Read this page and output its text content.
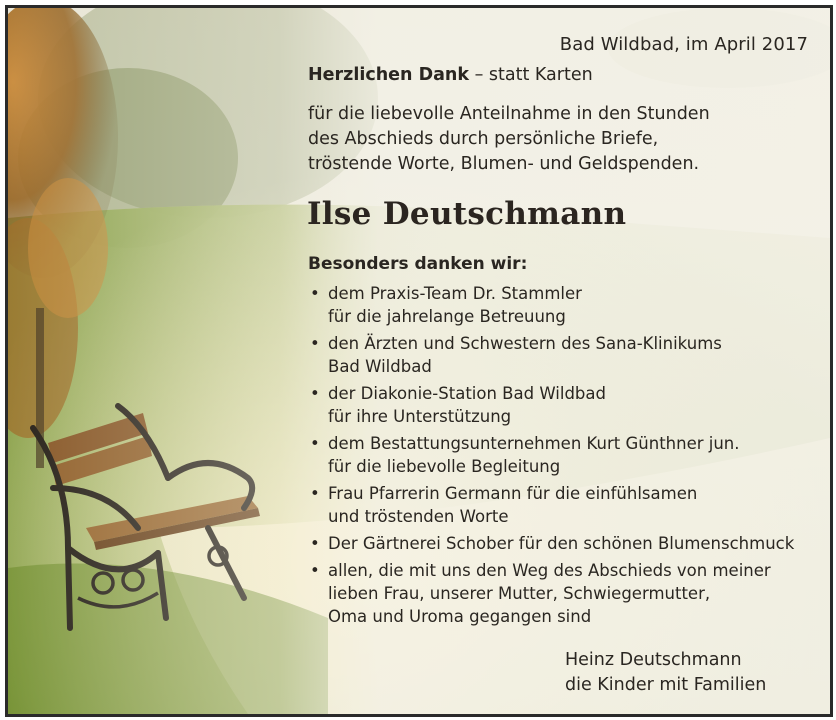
Bad Wildbad, im April 2017
Herzlichen Dank – statt Karten
für die liebevolle Anteilnahme in den Stunden
des Abschieds durch persönliche Briefe,
tröstende Worte, Blumen- und Geldspenden.
Ilse Deutschmann
Besonders danken wir:
• dem Praxis-Team Dr. Stammler
für die jahrelange Betreuung
• den Ärzten und Schwestern des Sana-Klinikums
Bad Wildbad
• der Diakonie-Station Bad Wildbad
für ihre Unterstützung
• dem Bestattungsunternehmen Kurt Günthner jun.
für die liebevolle Begleitung
• Frau Pfarrerin Germann für die einfühlsamen
und tröstenden Worte
• Der Gärtnerei Schober für den schönen Blumenschmuck
• allen, die mit uns den Weg des Abschieds von meiner
lieben Frau, unserer Mutter, Schwiegermutter,
Oma und Uroma gegangen sind
Heinz Deutschmann
die Kinder mit Familien
